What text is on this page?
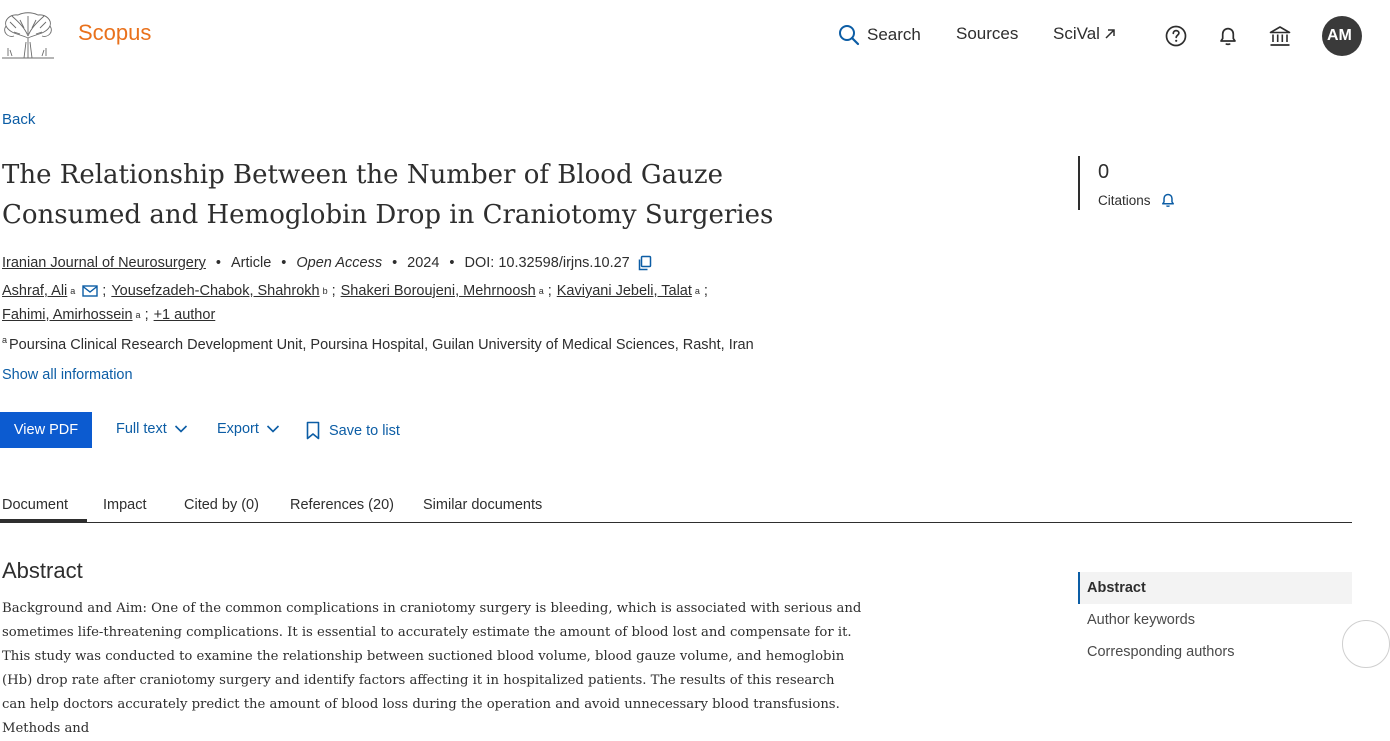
Scopus	Search Sources SciVal	AM
Back
The Relationship Between the Number of Blood Gauze Consumed and Hemoglobin Drop in Craniotomy Surgeries
Iranian Journal of Neurosurgery • Article • Open Access • 2024 • DOI: 10.32598/irjns.10.27
Ashraf, Ali a ; Yousefzadeh-Chabok, Shahrokh b ; Shakeri Boroujeni, Mehrnoosh a ; Kaviyani Jebeli, Talat a ;
Fahimi, Amirhossein a ; +1 author
$^a$ Poursina Clinical Research Development Unit, Poursina Hospital, Guilan University of Medical Sciences, Rasht, Iran
Show all information
View PDF	Full text	Export	Save to list
Document Impact	Cited by (0) References (20) Similar documents
Abstract

Background and Aim: One of the common complications in craniotomy surgery is bleeding, which is associated with serious and sometimes life-threatening complications. It is essential to accurately estimate the amount of blood lost and compensate for it. This study was conducted to examine the relationship between suctioned blood volume, blood gauze volume, and hemoglobin (Hb) drop rate after craniotomy surgery and identify factors affecting it in hospitalized patients. The results of this research can help doctors accurately predict the amount of blood loss during the operation and avoid unnecessary blood transfusions. Methods and

0
Citations
Abstract
Author keywords
Corresponding authors
